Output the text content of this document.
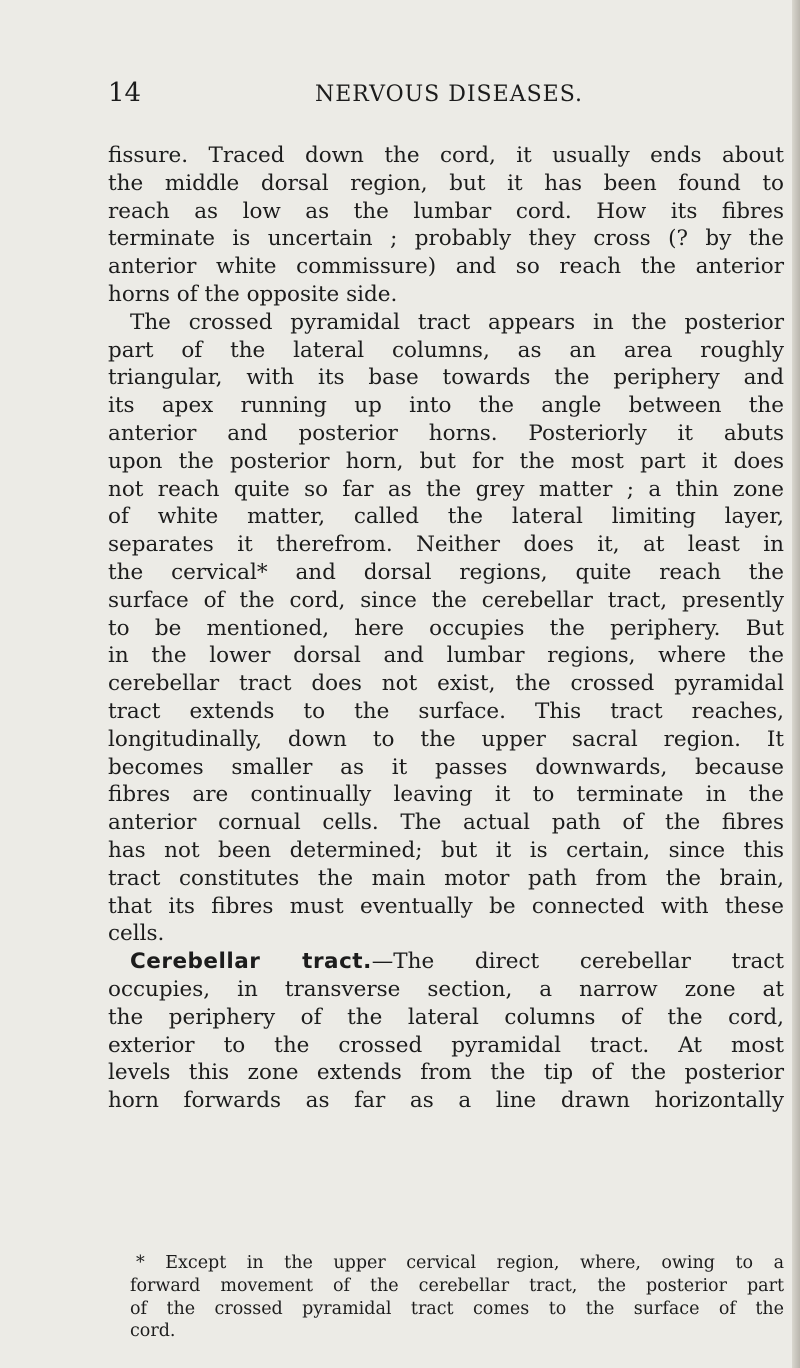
14	NERVOUS DISEASES.
fissure. Traced down the cord, it usually ends about
the middle dorsal region, but it has been found to
reach as low as the lumbar cord. How its fibres
terminate is uncertain ; probably they cross (? by the
anterior white commissure) and so reach the anterior
horns of the opposite side.
The crossed pyramidal tract appears in the posterior
part of the lateral columns, as an area roughly
triangular, with its base towards the periphery and
its apex running up into the angle between the
anterior and posterior horns. Posteriorly it abuts
upon the posterior horn, but for the most part it does
not reach quite so far as the grey matter ; a thin zone
of white matter, called the lateral limiting layer,
separates it therefrom. Neither does it, at least in
the cervical* and dorsal regions, quite reach the
surface of the cord, since the cerebellar tract, presently
to be mentioned, here occupies the periphery. But
in the lower dorsal and lumbar regions, where the
cerebellar tract does not exist, the crossed pyramidal
tract extends to the surface. This tract reaches,
longitudinally, down to the upper sacral region. It
becomes smaller as it passes downwards, because
fibres are continually leaving it to terminate in the
anterior cornual cells. The actual path of the fibres
has not been determined; but it is certain, since this
tract constitutes the main motor path from the brain,
that its fibres must eventually be connected with these
cells.
Cerebellar tract.—The direct cerebellar tract
occupies, in transverse section, a narrow zone at
the periphery of the lateral columns of the cord,
exterior to the crossed pyramidal tract. At most
levels this zone extends from the tip of the posterior
horn forwards as far as a line drawn horizontally
* Except in the upper cervical region, where, owing to a
forward movement of the cerebellar tract, the posterior part
of the crossed pyramidal tract comes to the surface of the
cord.
